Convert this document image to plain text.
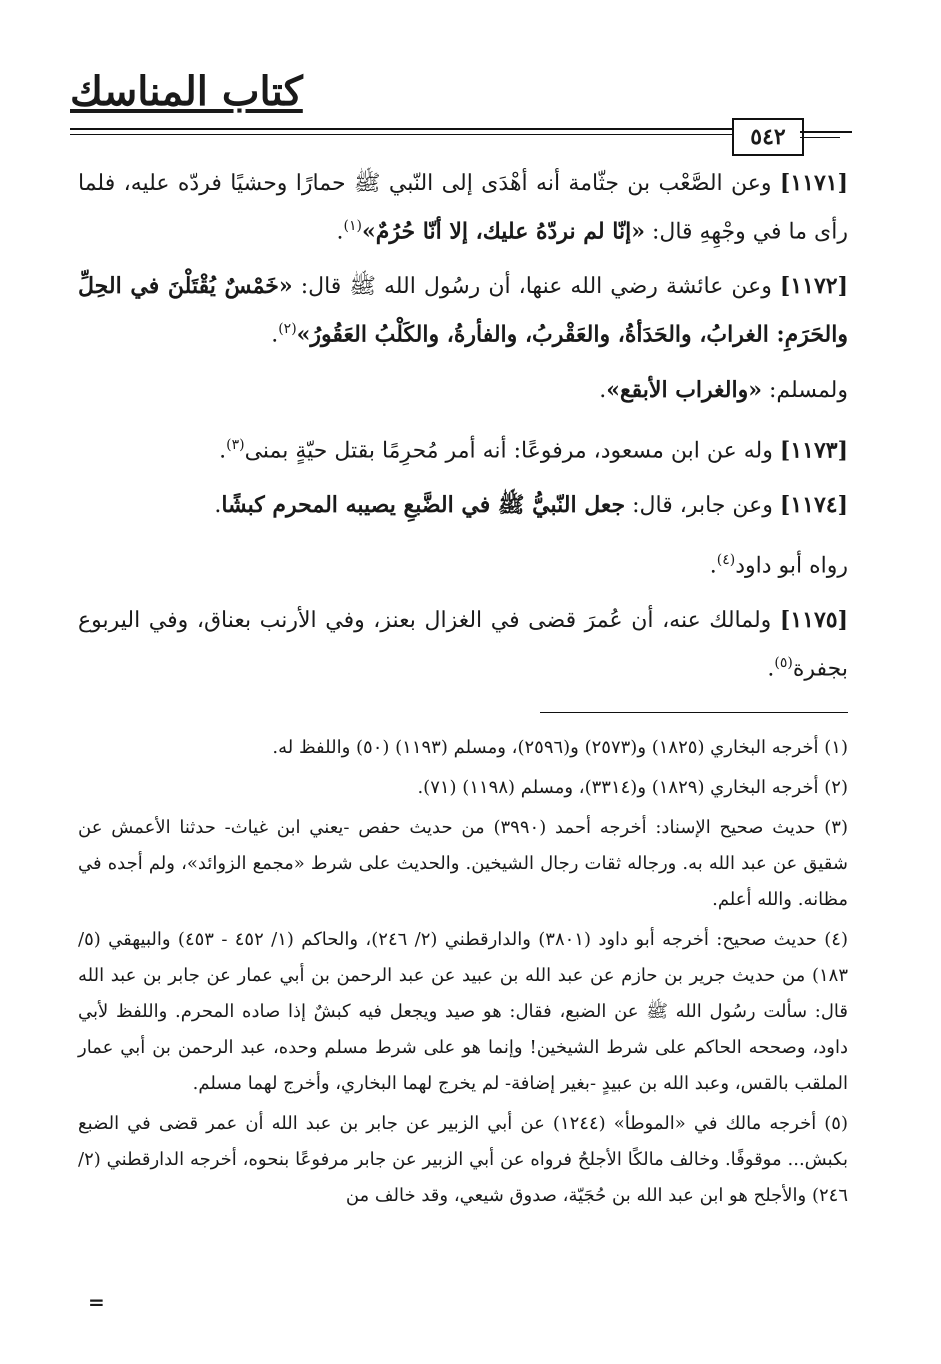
كتاب المناسك
٥٤٢

[١١٧١] وعن الصَّعْب بن جثّامة أنه أهْدَى إلى النّبي ﷺ حمارًا وحشيًا فردّه عليه، فلما رأى ما في وجْهِهِ قال: «إنّا لم نردّهُ عليك، إلا أنّا حُرُمٌ»$^{(١)}$.

[١١٧٢] وعن عائشة رضي الله عنها، أن رسُول الله ﷺ قال: «خَمْسٌ يُقْتَلْنَ في الحِلِّ والحَرَمِ: الغرابُ، والحَدَأةُ، والعَقْربُ، والفأرةُ، والكَلْبُ العَقُورُ»$^{(٢)}$.

ولمسلم: «والغراب الأبقع».

[١١٧٣] وله عن ابن مسعود، مرفوعًا: أنه أمر مُحرِمًا بقتل حيّةٍ بمنى$^{(٣)}$.

[١١٧٤] وعن جابر، قال: جعل النّبيُّ ﷺ في الضَّبعِ يصيبه المحرم كبشًا.

رواه أبو داود$^{(٤)}$.

[١١٧٥] ولمالك عنه، أن عُمرَ قضى في الغزال بعنز، وفي الأرنب بعناق، وفي اليربوع بجفرة$^{(٥)}$.

(١) أخرجه البخاري (١٨٢٥) و(٢٥٧٣) و(٢٥٩٦)، ومسلم (١١٩٣) (٥٠) واللفظ له.

(٢) أخرجه البخاري (١٨٢٩) و(٣٣١٤)، ومسلم (١١٩٨) (٧١).

(٣) حديث صحيح الإسناد: أخرجه أحمد (٣٩٩٠) من حديث حفص -يعني ابن غياث- حدثنا الأعمش عن شقيق عن عبد الله به. ورجاله ثقات رجال الشيخين. والحديث على شرط «مجمع الزوائد»، ولم أجده في مظانه. والله أعلم.

(٤) حديث صحيح: أخرجه أبو داود (٣٨٠١) والدارقطني (٢/ ٢٤٦)، والحاكم (١/ ٤٥٢ - ٤٥٣) والبيهقي (٥/ ١٨٣) من حديث جرير بن حازم عن عبد الله بن عبيد عن عبد الرحمن بن أبي عمار عن جابر بن عبد الله قال: سألت رسُول الله ﷺ عن الضبع، فقال: هو صيد ويجعل فيه كبشٌ إذا صاده المحرم. واللفظ لأبي داود، وصححه الحاكم على شرط الشيخين! وإنما هو على شرط مسلم وحده، عبد الرحمن بن أبي عمار الملقب بالقس، وعبد الله بن عبيدٍ -بغير إضافة- لم يخرج لهما البخاري، وأخرج لهما مسلم.

(٥) أخرجه مالك في «الموطأ» (١٢٤٤) عن أبي الزبير عن جابر بن عبد الله أن عمر قضى في الضبع بكبش... موقوفًا. وخالف مالكًا الأجلحُ فرواه عن أبي الزبير عن جابر مرفوعًا بنحوه، أخرجه الدارقطني (٢/ ٢٤٦) والأجلح هو ابن عبد الله بن حُجَيّة، صدوق شيعي، وقد خالف من

=
